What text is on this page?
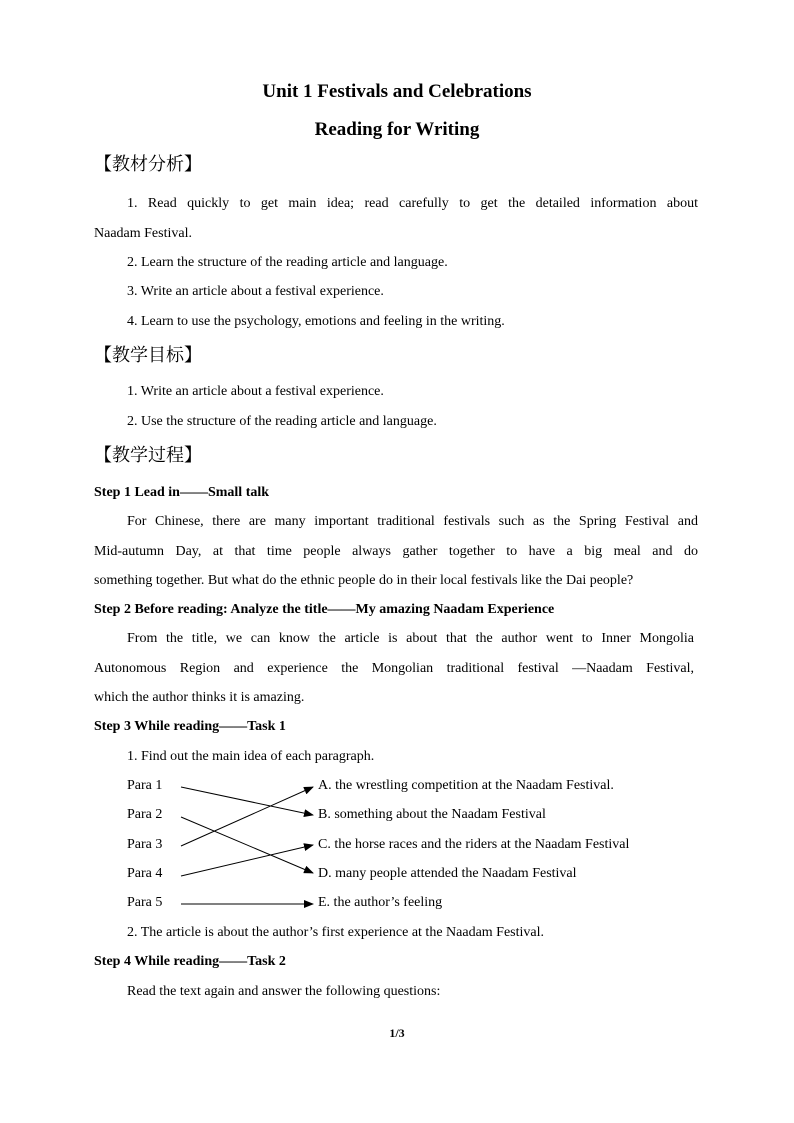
Unit 1 Festivals and Celebrations
Reading for Writing
【教材分析】
1. Read quickly to get main idea; read carefully to get the detailed information about
Naadam Festival.
2. Learn the structure of the reading article and language.
3. Write an article about a festival experience.
4. Learn to use the psychology, emotions and feeling in the writing.
【教学目标】
1. Write an article about a festival experience.
2. Use the structure of the reading article and language.
【教学过程】
Step 1 Lead in——Small talk
For Chinese, there are many important traditional festivals such as the Spring Festival and
Mid-autumn Day, at that time people always gather together to have a big meal and do
something together. But what do the ethnic people do in their local festivals like the Dai people?
Step 2 Before reading: Analyze the title——My amazing Naadam Experience
From the title, we can know the article is about that the author went to Inner Mongolia
Autonomous Region and experience the Mongolian traditional festival —Naadam Festival,
which the author thinks it is amazing.
Step 3 While reading——Task 1
1. Find out the main idea of each paragraph.
Para 1
Para 2
Para 3
Para 4
Para 5
A. the wrestling competition at the Naadam Festival.
B. something about the Naadam Festival
C. the horse races and the riders at the Naadam Festival
D. many people attended the Naadam Festival
E. the author’s feeling
2. The article is about the author’s first experience at the Naadam Festival.
Step 4 While reading——Task 2
Read the text again and answer the following questions:
1/3
